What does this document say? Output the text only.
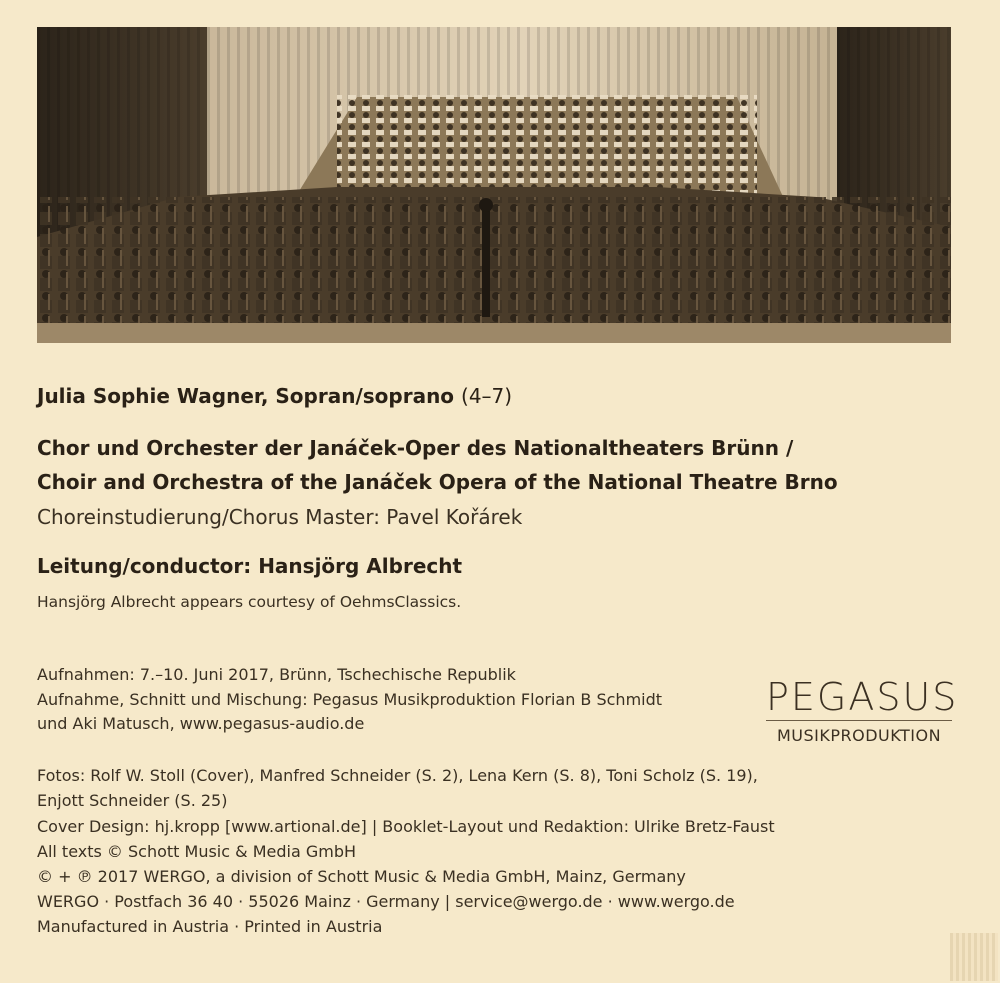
Julia Sophie Wagner, Sopran/soprano (4–7)
Chor und Orchester der Janáček-Oper des Nationaltheaters Brünn /
Choir and Orchestra of the Janáček Opera of the National Theatre Brno
Choreinstudierung/Chorus Master: Pavel Kořárek
Leitung/conductor: Hansjörg Albrecht
Hansjörg Albrecht appears courtesy of OehmsClassics.
Aufnahmen: 7.–10. Juni 2017, Brünn, Tschechische Republik
Aufnahme, Schnitt und Mischung: Pegasus Musikproduktion Florian B Schmidt
und Aki Matusch, www.pegasus-audio.de
PEGASUS
MUSIKPRODUKTION
Fotos: Rolf W. Stoll (Cover), Manfred Schneider (S. 2), Lena Kern (S. 8), Toni Scholz (S. 19),
Enjott Schneider (S. 25)
Cover Design: hj.kropp [www.artional.de] | Booklet-Layout und Redaktion: Ulrike Bretz-Faust
All texts © Schott Music & Media GmbH
© + ℗ 2017 WERGO, a division of Schott Music & Media GmbH, Mainz, Germany
WERGO · Postfach 36 40 · 55026 Mainz · Germany | service@wergo.de · www.wergo.de
Manufactured in Austria · Printed in Austria
